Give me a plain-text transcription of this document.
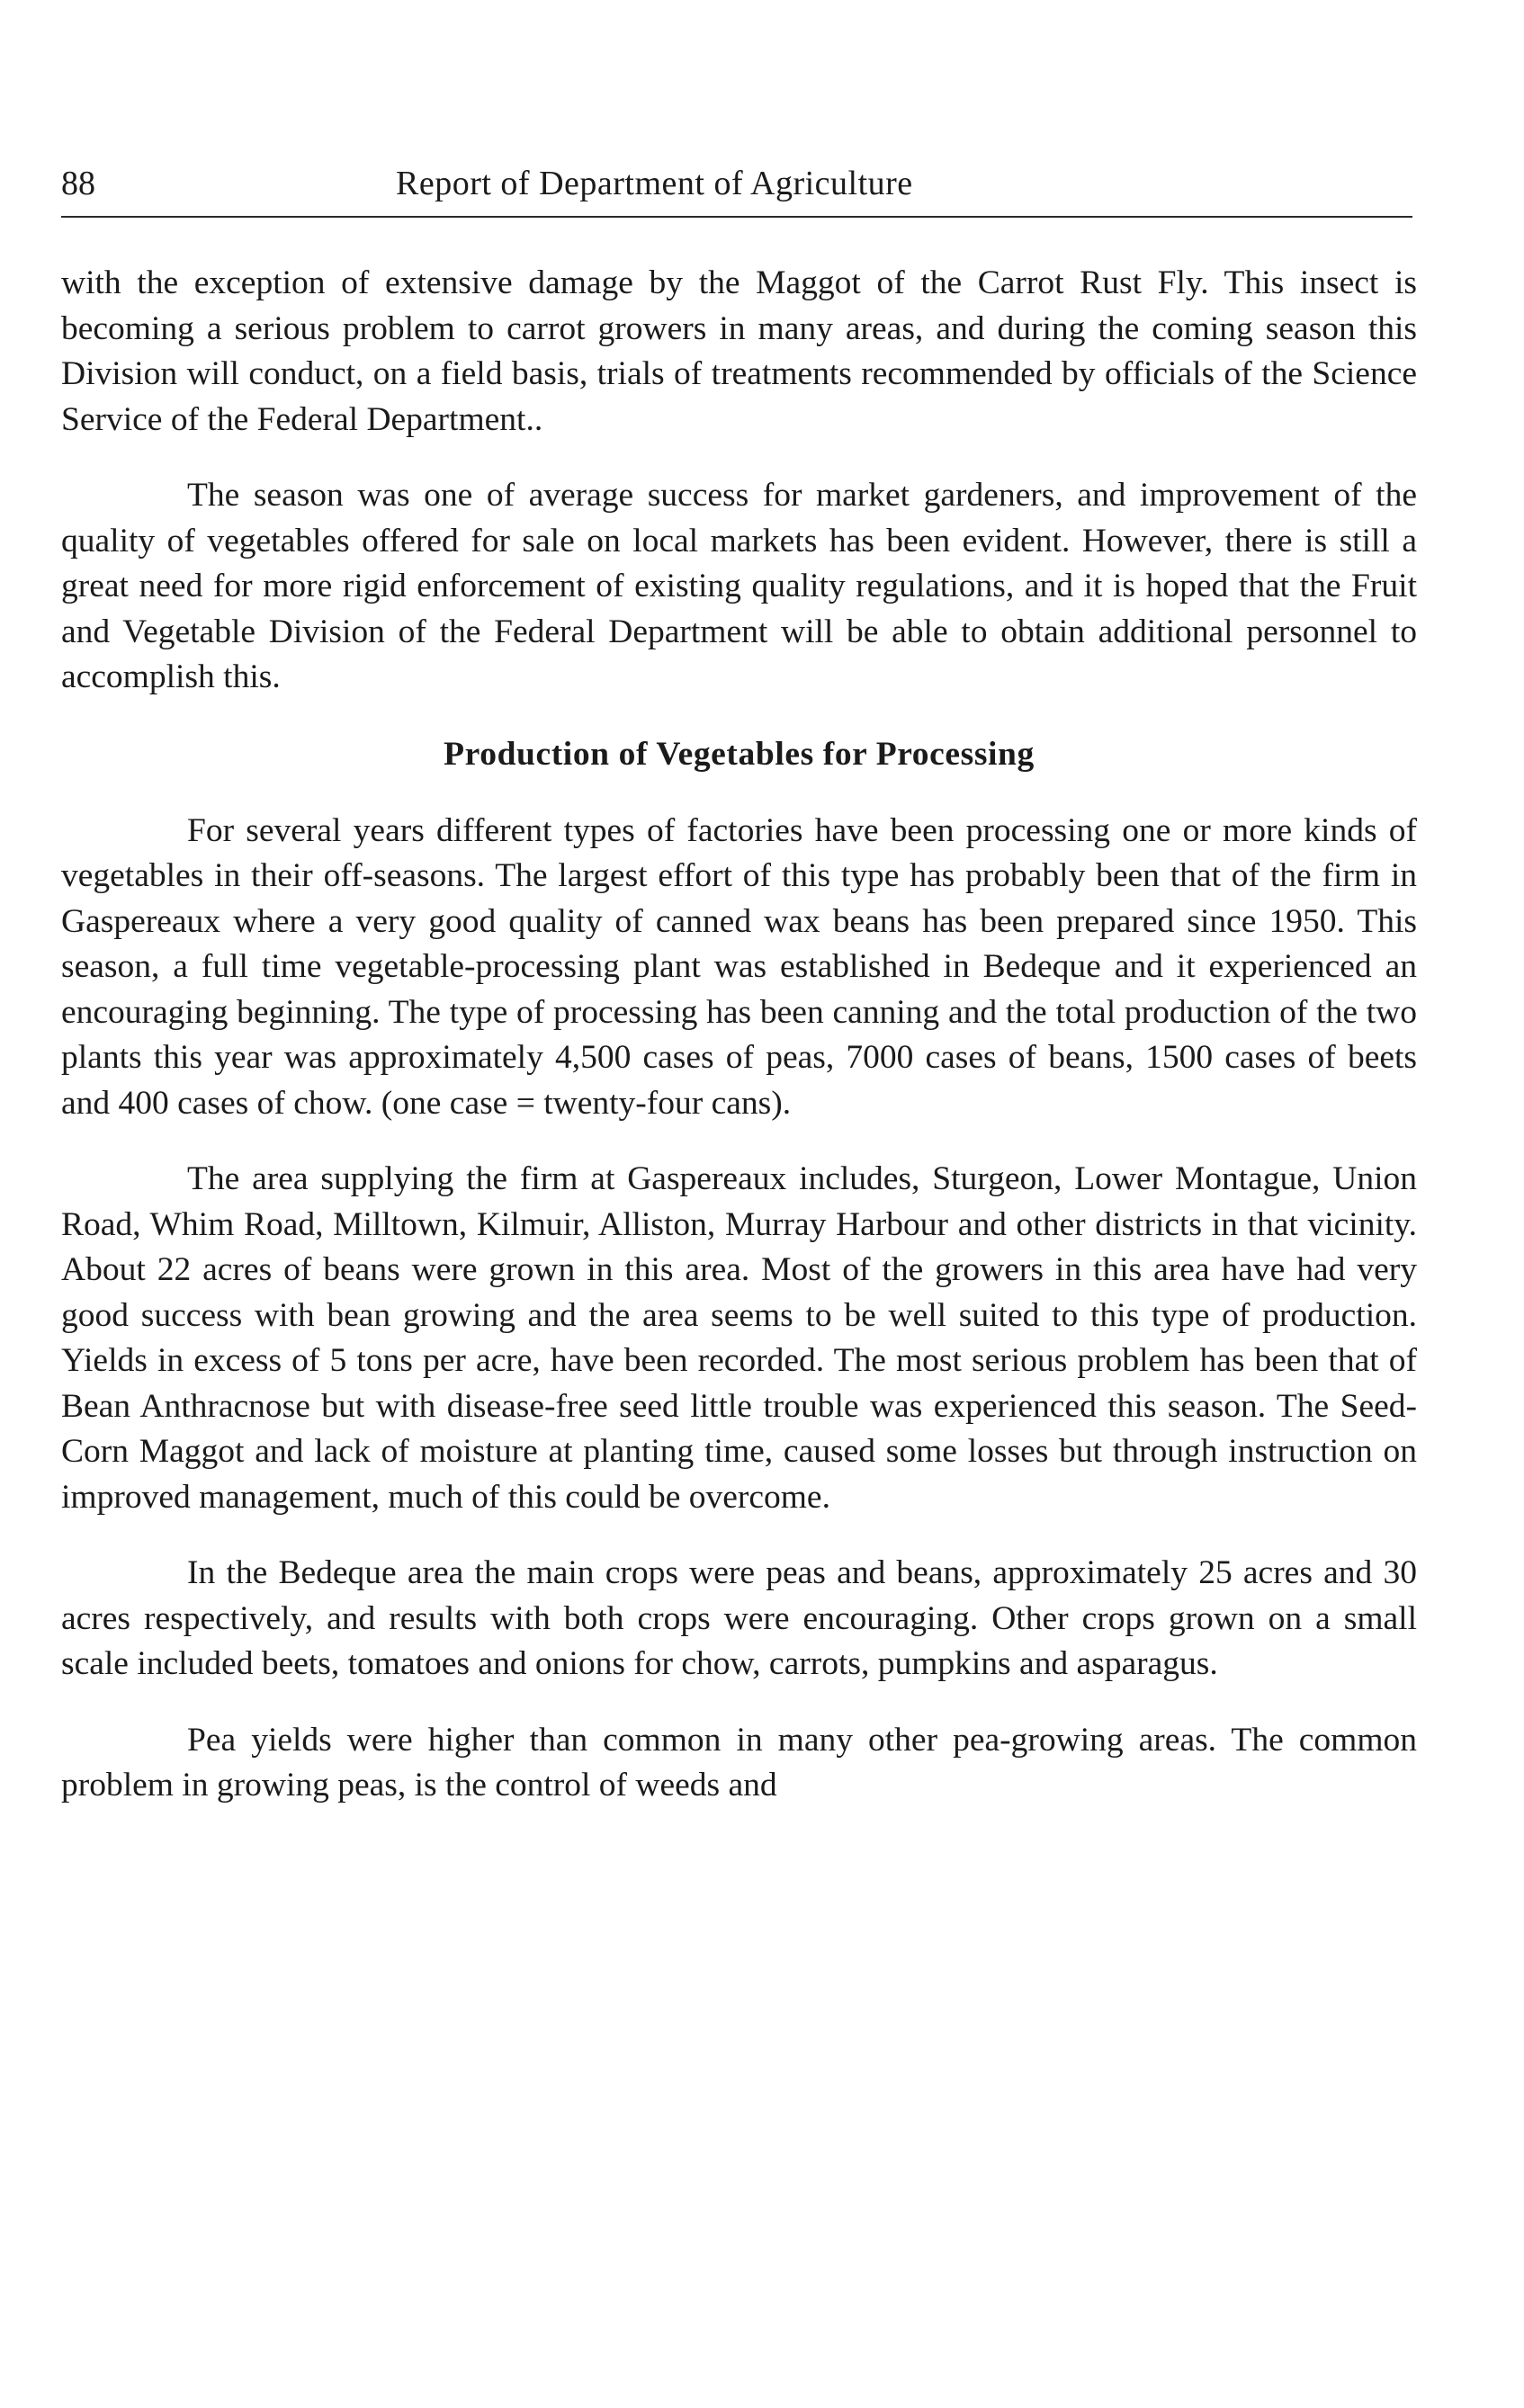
88	Report of Department of Agriculture

with the exception of extensive damage by the Maggot of the Carrot Rust Fly. This insect is becoming a serious problem to carrot growers in many areas, and during the coming season this Division will conduct, on a field basis, trials of treatments recommended by officials of the Science Service of the Federal Department..

The season was one of average success for market gardeners, and improvement of the quality of vegetables offered for sale on local markets has been evident. However, there is still a great need for more rigid enforcement of existing quality regulations, and it is hoped that the Fruit and Vegetable Division of the Federal Department will be able to obtain additional personnel to accomplish this.

Production of Vegetables for Processing

For several years different types of factories have been processing one or more kinds of vegetables in their off-seasons. The largest effort of this type has probably been that of the firm in Gaspereaux where a very good quality of canned wax beans has been prepared since 1950. This season, a full time vegetable-processing plant was established in Bedeque and it experienced an encouraging beginning. The type of processing has been canning and the total production of the two plants this year was approximately 4,500 cases of peas, 7000 cases of beans, 1500 cases of beets and 400 cases of chow. (one case = twenty-four cans).

The area supplying the firm at Gaspereaux includes, Sturgeon, Lower Montague, Union Road, Whim Road, Milltown, Kilmuir, Alliston, Murray Harbour and other districts in that vicinity. About 22 acres of beans were grown in this area. Most of the growers in this area have had very good success with bean growing and the area seems to be well suited to this type of production. Yields in excess of 5 tons per acre, have been recorded. The most serious problem has been that of Bean Anthracnose but with disease-free seed little trouble was experienced this season. The Seed-Corn Maggot and lack of moisture at planting time, caused some losses but through instruction on improved management, much of this could be overcome.

In the Bedeque area the main crops were peas and beans, approximately 25 acres and 30 acres respectively, and results with both crops were encouraging. Other crops grown on a small scale included beets, tomatoes and onions for chow, carrots, pumpkins and asparagus.

Pea yields were higher than common in many other pea-growing areas. The common problem in growing peas, is the control of weeds and
